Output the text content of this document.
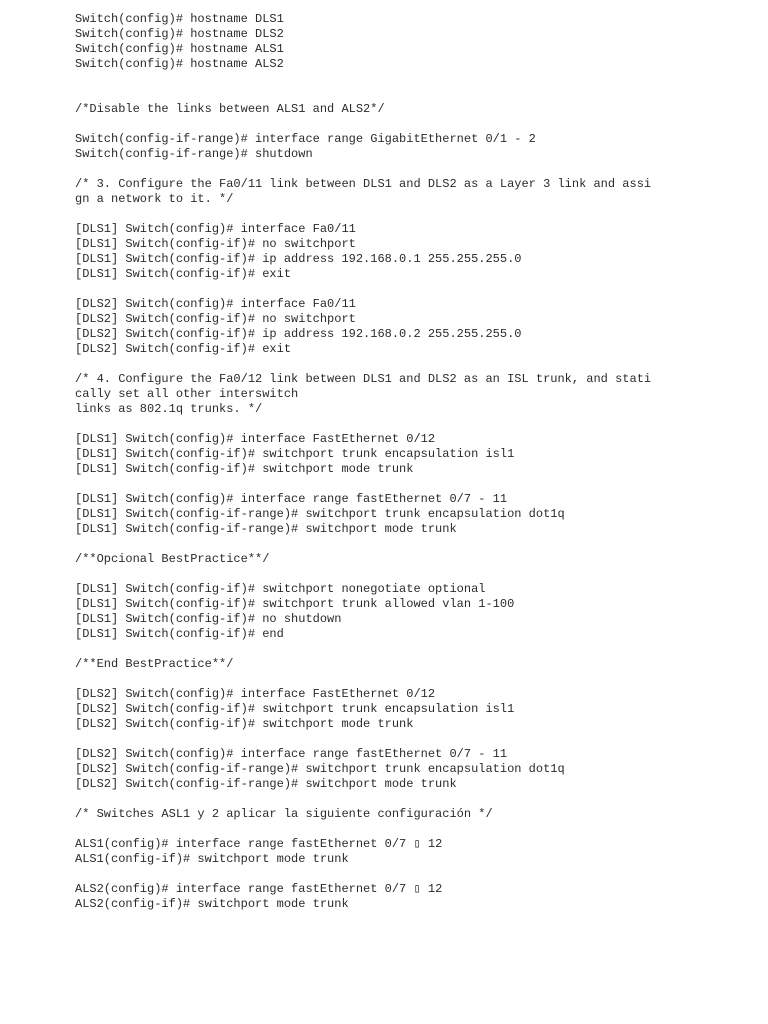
Switch(config)# hostname DLS1
Switch(config)# hostname DLS2
Switch(config)# hostname ALS1
Switch(config)# hostname ALS2
/*Disable the links between ALS1 and ALS2*/
Switch(config-if-range)# interface range GigabitEthernet 0/1 - 2
Switch(config-if-range)# shutdown
/* 3. Configure the Fa0/11 link between DLS1 and DLS2 as a Layer 3 link and assi
gn a network to it. */
[DLS1] Switch(config)# interface Fa0/11
[DLS1] Switch(config-if)# no switchport
[DLS1] Switch(config-if)# ip address 192.168.0.1 255.255.255.0
[DLS1] Switch(config-if)# exit
[DLS2] Switch(config)# interface Fa0/11
[DLS2] Switch(config-if)# no switchport
[DLS2] Switch(config-if)# ip address 192.168.0.2 255.255.255.0
[DLS2] Switch(config-if)# exit
/* 4. Configure the Fa0/12 link between DLS1 and DLS2 as an ISL trunk, and stati
cally set all other interswitch
links as 802.1q trunks. */
[DLS1] Switch(config)# interface FastEthernet 0/12
[DLS1] Switch(config-if)# switchport trunk encapsulation isl1
[DLS1] Switch(config-if)# switchport mode trunk
[DLS1] Switch(config)# interface range fastEthernet 0/7 - 11
[DLS1] Switch(config-if-range)# switchport trunk encapsulation dot1q
[DLS1] Switch(config-if-range)# switchport mode trunk
/**Opcional BestPractice**/
[DLS1] Switch(config-if)# switchport nonegotiate optional
[DLS1] Switch(config-if)# switchport trunk allowed vlan 1-100
[DLS1] Switch(config-if)# no shutdown
[DLS1] Switch(config-if)# end
/**End BestPractice**/
[DLS2] Switch(config)# interface FastEthernet 0/12
[DLS2] Switch(config-if)# switchport trunk encapsulation isl1
[DLS2] Switch(config-if)# switchport mode trunk
[DLS2] Switch(config)# interface range fastEthernet 0/7 - 11
[DLS2] Switch(config-if-range)# switchport trunk encapsulation dot1q
[DLS2] Switch(config-if-range)# switchport mode trunk
/* Switches ASL1 y 2 aplicar la siguiente configuración */
ALS1(config)# interface range fastEthernet 0/7 ▯ 12
ALS1(config-if)# switchport mode trunk
ALS2(config)# interface range fastEthernet 0/7 ▯ 12
ALS2(config-if)# switchport mode trunk
